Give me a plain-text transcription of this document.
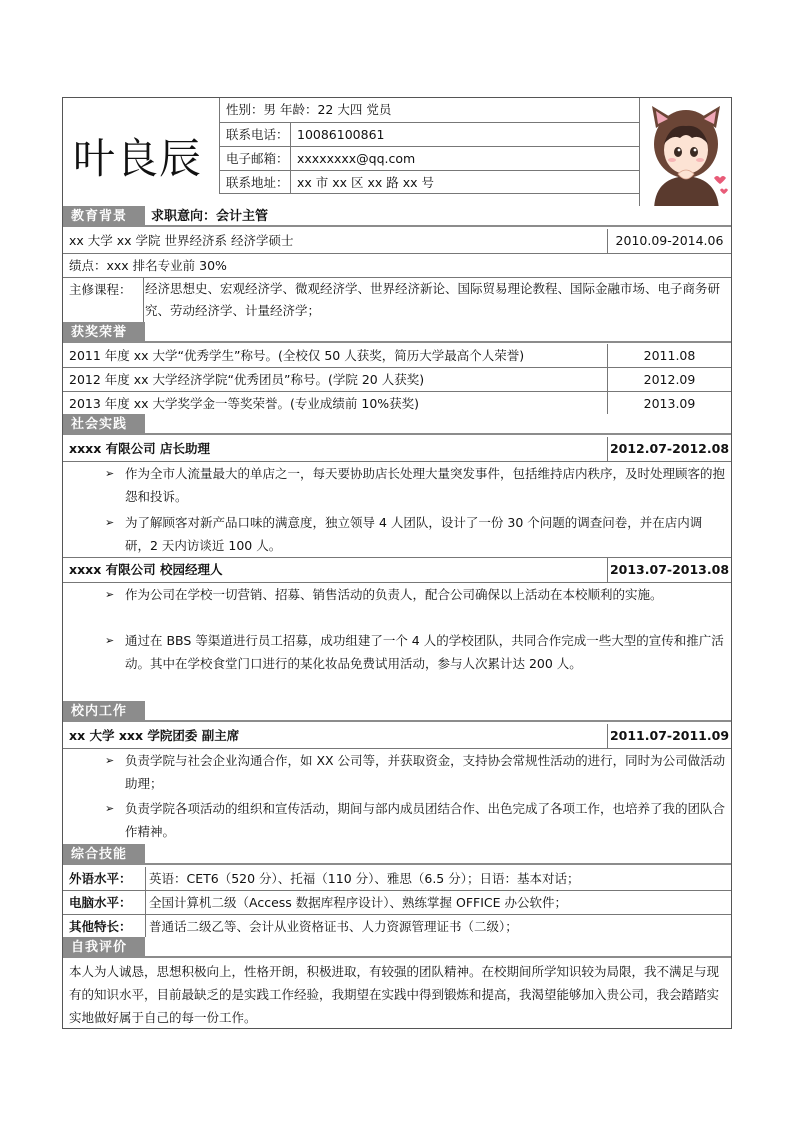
叶良辰
性别：男 年龄：22 大四 党员
联系电话： 10086100861
电子邮箱： xxxxxxxx@qq.com
联系地址： xx 市 xx 区 xx 路 xx 号
教育背景	求职意向：会计主管
xx 大学 xx 学院 世界经济系 经济学硕士	2010.09-2014.06
绩点：xxx 排名专业前 30%
主修课程： 经济思想史、宏观经济学、微观经济学、世界经济新论、国际贸易理论教程、国际金融市场、电子商务研究、劳动经济学、计量经济学；
获奖荣誉
2011 年度 xx 大学“优秀学生”称号。(全校仅 50 人获奖，简历大学最高个人荣誉)	2011.08
2012 年度 xx 大学经济学院“优秀团员”称号。(学院 20 人获奖)	2012.09
2013 年度 xx 大学奖学金一等奖荣誉。(专业成绩前 10%获奖)	2013.09
社会实践
xxxx 有限公司 店长助理	2012.07-2012.08
➢ 作为全市人流量最大的单店之一，每天要协助店长处理大量突发事件，包括维持店内秩序，及时处理顾客的抱怨和投诉。
➢ 为了解顾客对新产品口味的满意度，独立领导 4 人团队，设计了一份 30 个问题的调查问卷，并在店内调研，2 天内访谈近 100 人。
xxxx 有限公司 校园经理人	2013.07-2013.08
➢ 作为公司在学校一切营销、招募、销售活动的负责人，配合公司确保以上活动在本校顺利的实施。
➢ 通过在 BBS 等渠道进行员工招募，成功组建了一个 4 人的学校团队，共同合作完成一些大型的宣传和推广活动。其中在学校食堂门口进行的某化妆品免费试用活动，参与人次累计达 200 人。
校内工作
xx 大学 xxx 学院团委 副主席	2011.07-2011.09
➢ 负责学院与社会企业沟通合作，如 XX 公司等，并获取资金，支持协会常规性活动的进行，同时为公司做活动助理；
➢ 负责学院各项活动的组织和宣传活动，期间与部内成员团结合作、出色完成了各项工作，也培养了我的团队合作精神。
综合技能
外语水平： 英语：CET6（520 分）、托福（110 分）、雅思（6.5 分）；日语：基本对话；
电脑水平： 全国计算机二级（Access 数据库程序设计）、熟练掌握 OFFICE 办公软件；
其他特长： 普通话二级乙等、会计从业资格证书、人力资源管理证书（二级）；
自我评价
本人为人诚恳，思想积极向上，性格开朗，积极进取，有较强的团队精神。在校期间所学知识较为局限，我不满足与现有的知识水平，目前最缺乏的是实践工作经验，我期望在实践中得到锻炼和提高，我渴望能够加入贵公司，我会踏踏实实地做好属于自己的每一份工作。
